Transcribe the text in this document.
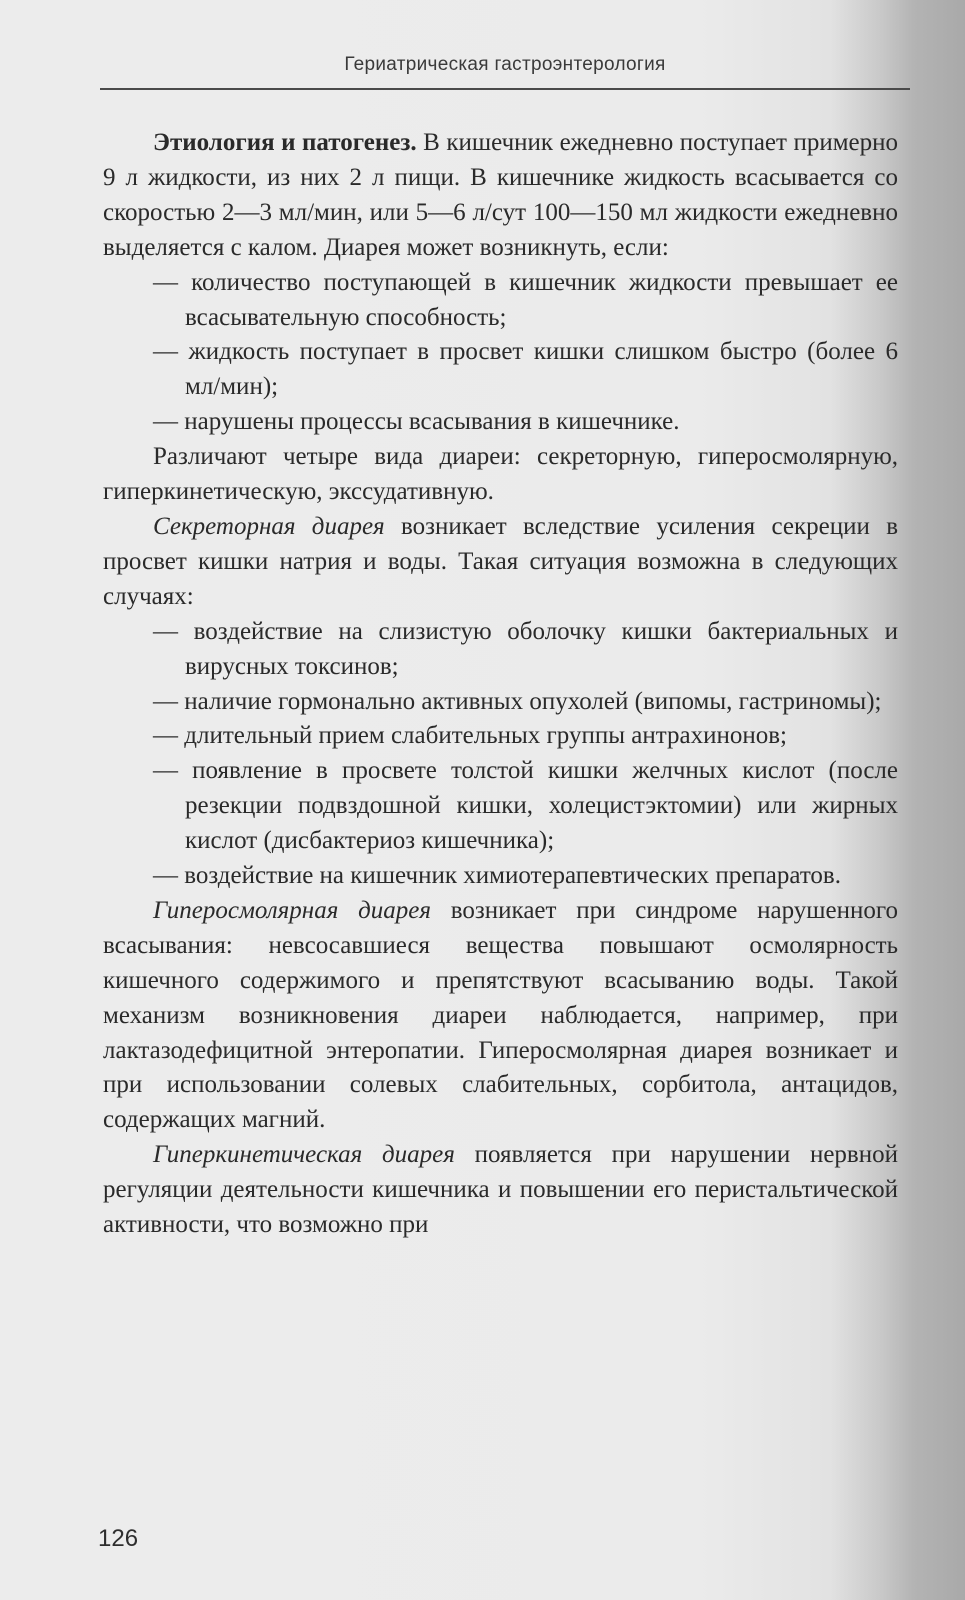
Гериатрическая гастроэнтерология

Этиология и патогенез. В кишечник ежедневно поступает примерно 9 л жидкости, из них 2 л пищи. В кишечнике жидкость всасывается со скоростью 2—3 мл/мин, или 5—6 л/сут 100—150 мл жидкости ежедневно выделяется с калом. Диарея может возникнуть, если:

— количество поступающей в кишечник жидкости превышает ее всасывательную способность;

— жидкость поступает в просвет кишки слишком быстро (более 6 мл/мин);

— нарушены процессы всасывания в кишечнике.

Различают четыре вида диареи: секреторную, гиперосмолярную, гиперкинетическую, экссудативную.

Секреторная диарея возникает вследствие усиления секреции в просвет кишки натрия и воды. Такая ситуация возможна в следующих случаях:

— воздействие на слизистую оболочку кишки бактериальных и вирусных токсинов;

— наличие гормонально активных опухолей (випомы, гастриномы);

— длительный прием слабительных группы антрахинонов;

— появление в просвете толстой кишки желчных кислот (после резекции подвздошной кишки, холецистэктомии) или жирных кислот (дисбактериоз кишечника);

— воздействие на кишечник химиотерапевтических препаратов.

Гиперосмолярная диарея возникает при синдроме нарушенного всасывания: невсосавшиеся вещества повышают осмолярность кишечного содержимого и препятствуют всасыванию воды. Такой механизм возникновения диареи наблюдается, например, при лактазодефицитной энтеропатии. Гиперосмолярная диарея возникает и при использовании солевых слабительных, сорбитола, антацидов, содержащих магний.

Гиперкинетическая диарея появляется при нарушении нервной регуляции деятельности кишечника и повышении его перистальтической активности, что возможно при

126
